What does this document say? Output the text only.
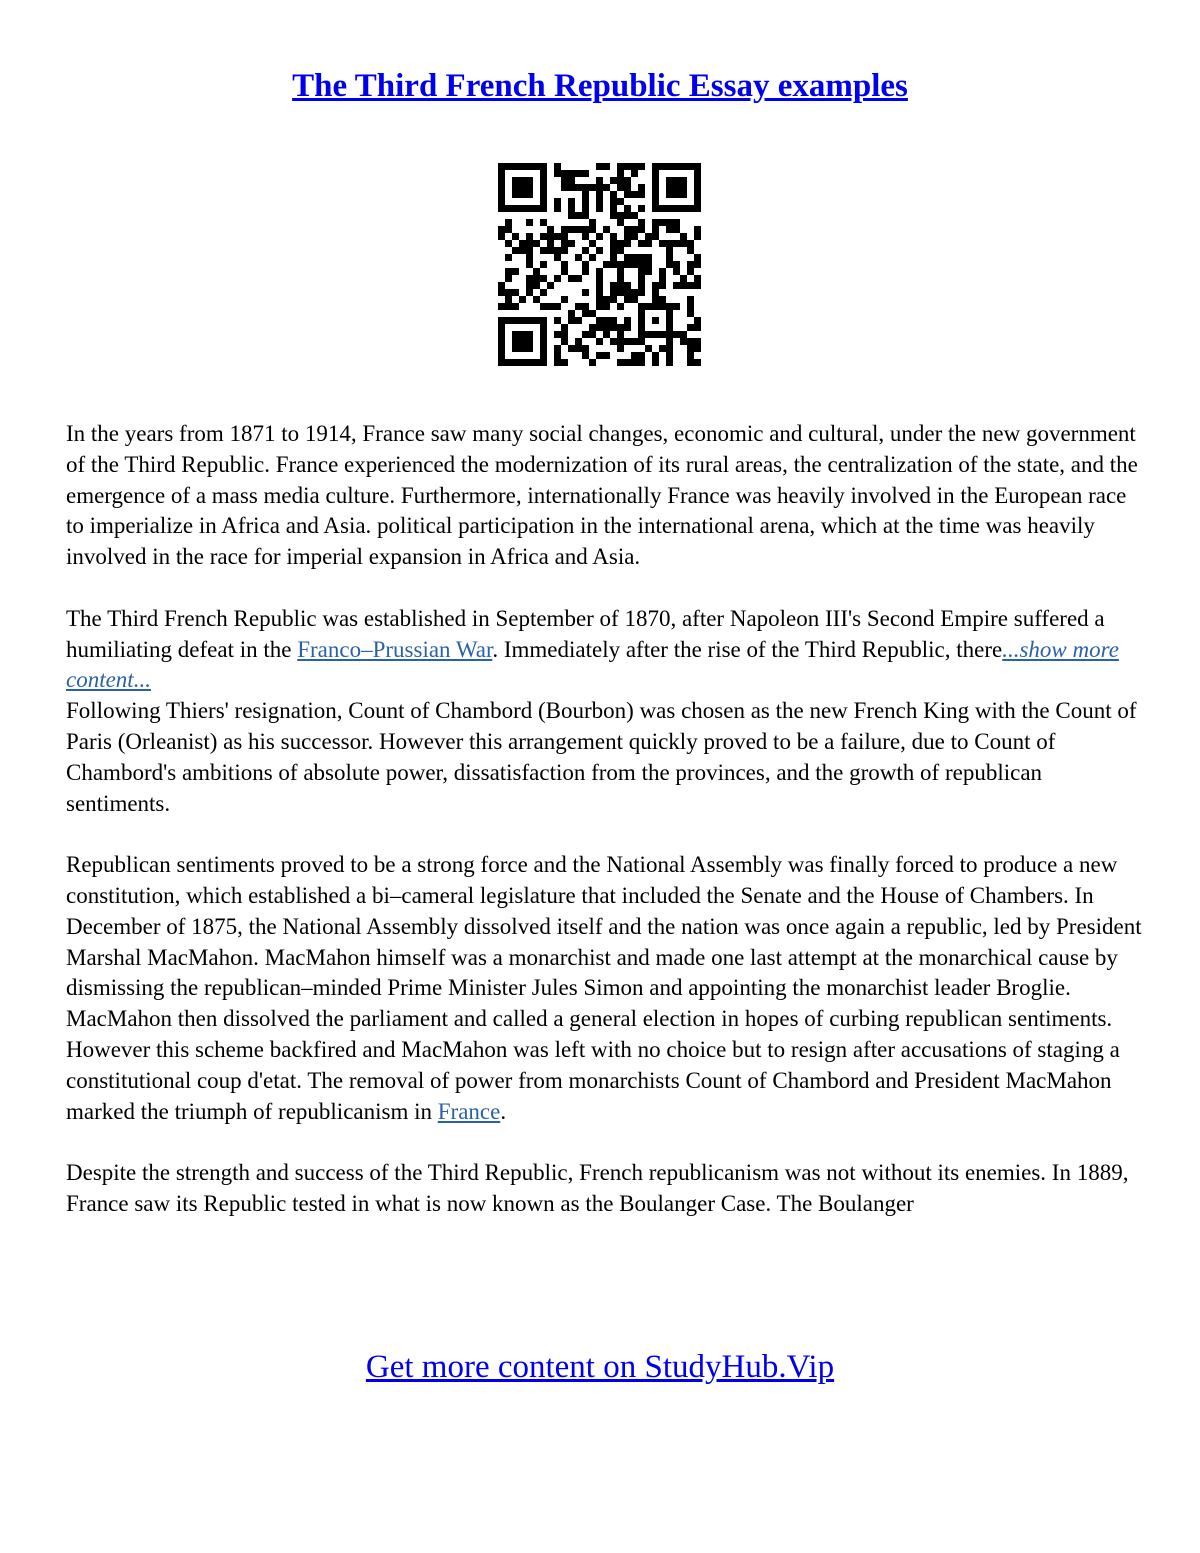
The Third French Republic Essay examples

In the years from 1871 to 1914, France saw many social changes, economic and cultural, under the new government of the Third Republic. France experienced the modernization of its rural areas, the centralization of the state, and the emergence of a mass media culture. Furthermore, internationally France was heavily involved in the European race to imperialize in Africa and Asia. political participation in the international arena, which at the time was heavily involved in the race for imperial expansion in Africa and Asia.

The Third French Republic was established in September of 1870, after Napoleon III's Second Empire suffered a humiliating defeat in the Franco–Prussian War. Immediately after the rise of the Third Republic, there...show more content...

Following Thiers' resignation, Count of Chambord (Bourbon) was chosen as the new French King with the Count of Paris (Orleanist) as his successor. However this arrangement quickly proved to be a failure, due to Count of Chambord's ambitions of absolute power, dissatisfaction from the provinces, and the growth of republican sentiments.

Republican sentiments proved to be a strong force and the National Assembly was finally forced to produce a new constitution, which established a bi–cameral legislature that included the Senate and the House of Chambers. In December of 1875, the National Assembly dissolved itself and the nation was once again a republic, led by President Marshal MacMahon. MacMahon himself was a monarchist and made one last attempt at the monarchical cause by dismissing the republican–minded Prime Minister Jules Simon and appointing the monarchist leader Broglie. MacMahon then dissolved the parliament and called a general election in hopes of curbing republican sentiments. However this scheme backfired and MacMahon was left with no choice but to resign after accusations of staging a constitutional coup d'etat. The removal of power from monarchists Count of Chambord and President MacMahon marked the triumph of republicanism in France.

Despite the strength and success of the Third Republic, French republicanism was not without its enemies. In 1889, France saw its Republic tested in what is now known as the Boulanger Case. The Boulanger

Get more content on StudyHub.Vip
